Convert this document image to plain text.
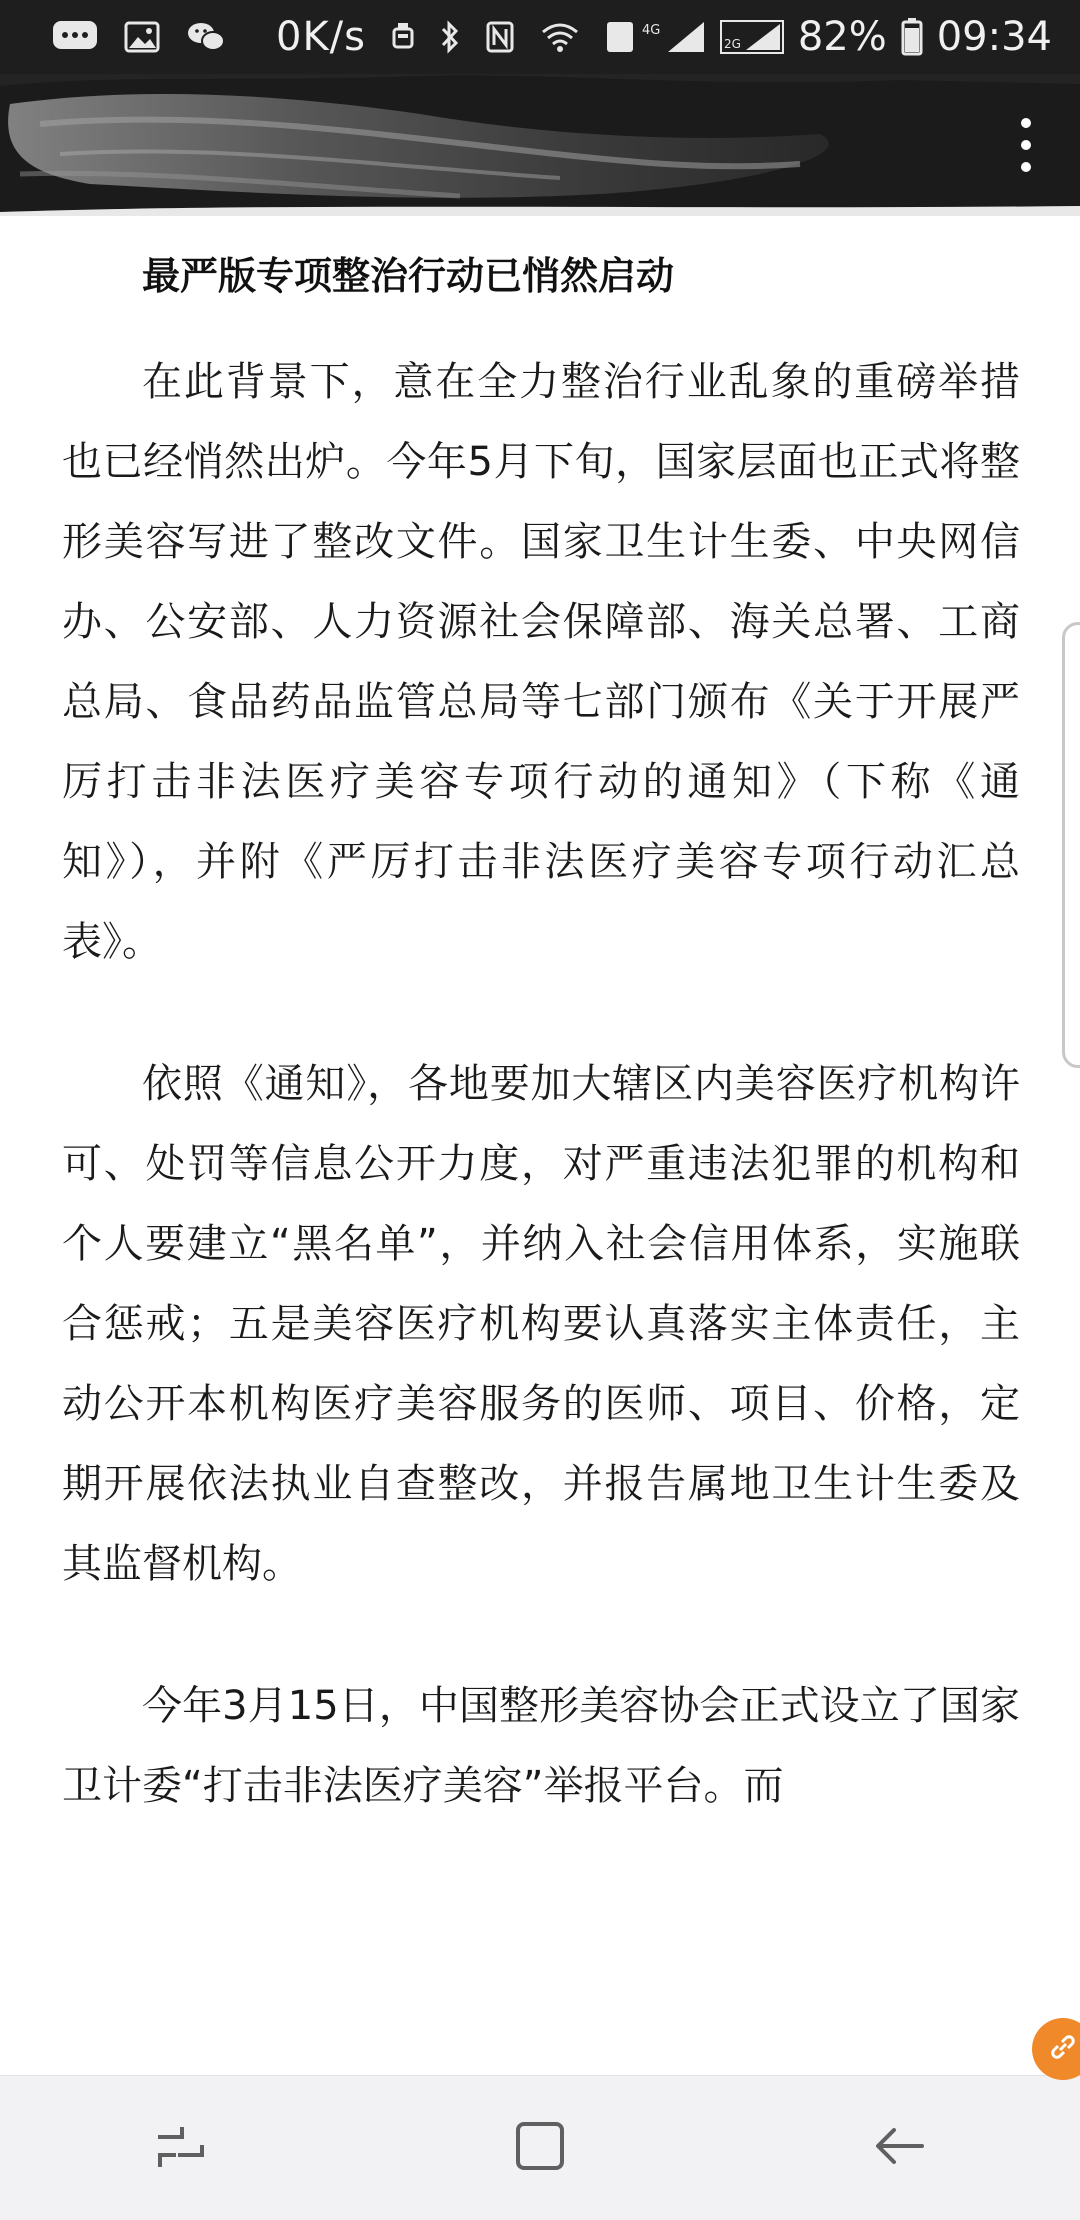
0K/s	4G
2G 82% 09:34
最严版专项整治行动已悄然启动

在此背景下，意在全力整治行业乱象的重磅举措也已经悄然出炉。今年5月下旬，国家层面也正式将整形美容写进了整改文件。国家卫生计生委、中央网信办、公安部、人力资源社会保障部、海关总署、工商总局、食品药品监管总局等七部门颁布《关于开展严厉打击非法医疗美容专项行动的通知》（下称《通知》），并附《严厉打击非法医疗美容专项行动汇总表》。

依照《通知》，各地要加大辖区内美容医疗机构许可、处罚等信息公开力度，对严重违法犯罪的机构和个人要建立“黑名单”，并纳入社会信用体系，实施联合惩戒；五是美容医疗机构要认真落实主体责任，主动公开本机构医疗美容服务的医师、项目、价格，定期开展依法执业自查整改，并报告属地卫生计生委及其监督机构。

今年3月15日，中国整形美容协会正式设立了国家卫计委“打击非法医疗美容”举报平台。而
